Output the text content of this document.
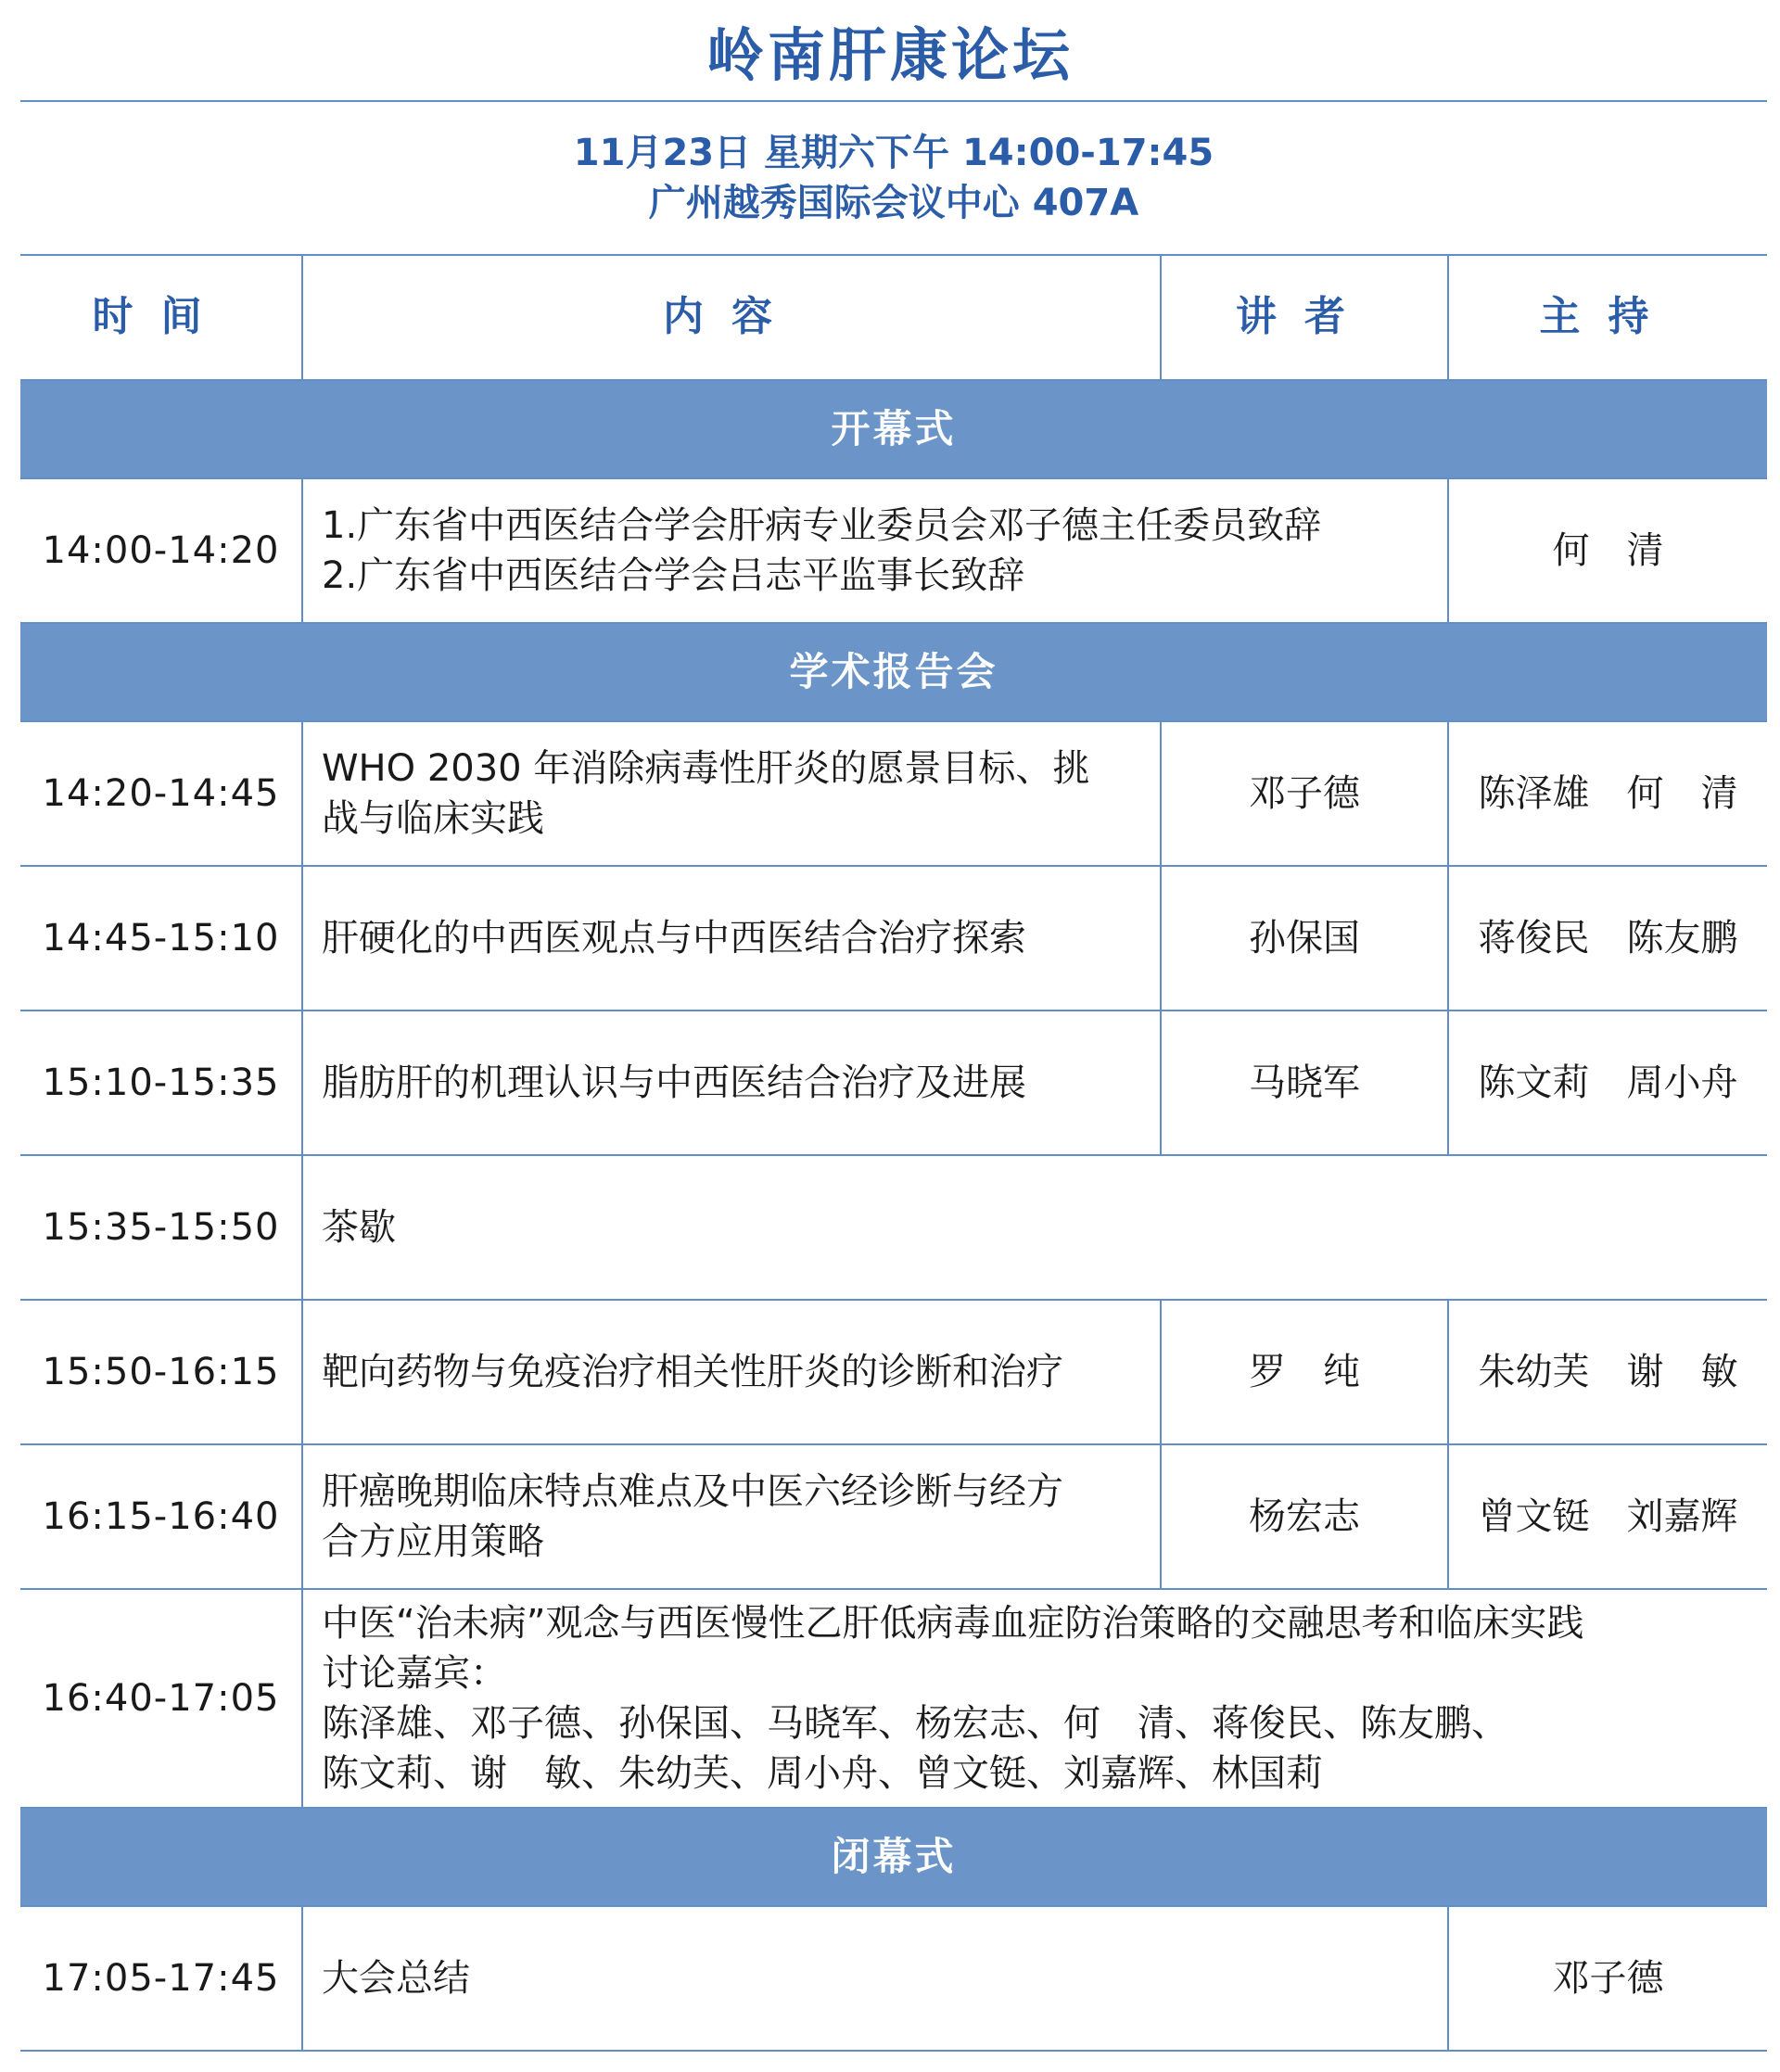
岭南肝康论坛
11月23日 星期六下午 14:00-17:45
广州越秀国际会议中心 407A
时间	内容	讲者	主持
开幕式			
14:00-14:20	1.广东省中西医结合学会肝病专业委员会邓子德主任委员致辞
2.广东省中西医结合学会吕志平监事长致辞		何　清
学术报告会			
14:20-14:45	WHO 2030 年消除病毒性肝炎的愿景目标、挑
战与临床实践	邓子德	陈泽雄　何　清
14:45-15:10	肝硬化的中西医观点与中西医结合治疗探索	孙保国	蒋俊民　陈友鹏
15:10-15:35	脂肪肝的机理认识与中西医结合治疗及进展	马晓军	陈文莉　周小舟
15:35-15:50	茶歇		

15:50-16:15	靶向药物与免疫治疗相关性肝炎的诊断和治疗	罗　纯	朱幼芙　谢　敏
16:15-16:40	肝癌晚期临床特点难点及中医六经诊断与经方
合方应用策略	杨宏志	曾文铤　刘嘉辉
16:40-17:05	中医“治未病”观念与西医慢性乙肝低病毒血症防治策略的交融思考和临床实践
讨论嘉宾：
陈泽雄、邓子德、孙保国、马晓军、杨宏志、何　清、蒋俊民、陈友鹏、
陈文莉、谢　敏、朱幼芙、周小舟、曾文铤、刘嘉辉、林国莉		

闭幕式			
17:05-17:45	大会总结		邓子德
